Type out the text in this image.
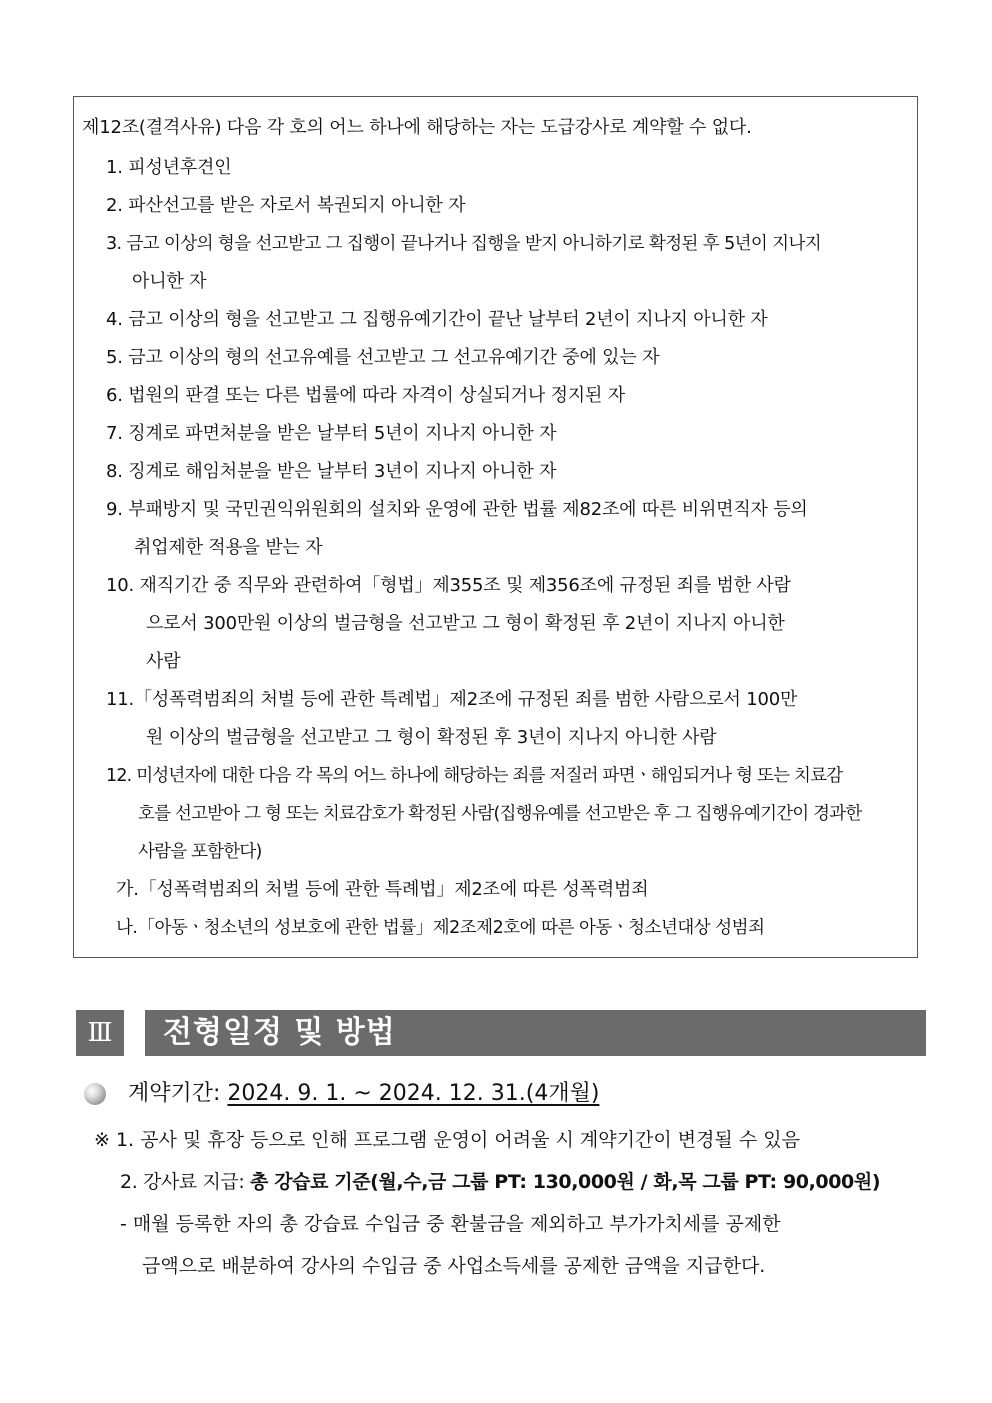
제12조(결격사유) 다음 각 호의 어느 하나에 해당하는 자는 도급강사로 계약할 수 없다.
1. 피성년후견인
2. 파산선고를 받은 자로서 복권되지 아니한 자
3. 금고 이상의 형을 선고받고 그 집행이 끝나거나 집행을 받지 아니하기로 확정된 후 5년이 지나지
아니한 자
4. 금고 이상의 형을 선고받고 그 집행유예기간이 끝난 날부터 2년이 지나지 아니한 자
5. 금고 이상의 형의 선고유예를 선고받고 그 선고유예기간 중에 있는 자
6. 법원의 판결 또는 다른 법률에 따라 자격이 상실되거나 정지된 자
7. 징계로 파면처분을 받은 날부터 5년이 지나지 아니한 자
8. 징계로 해임처분을 받은 날부터 3년이 지나지 아니한 자
9. 부패방지 및 국민권익위원회의 설치와 운영에 관한 법률 제82조에 따른 비위면직자 등의
취업제한 적용을 받는 자
10. 재직기간 중 직무와 관련하여「형법」제355조 및 제356조에 규정된 죄를 범한 사람
으로서 300만원 이상의 벌금형을 선고받고 그 형이 확정된 후 2년이 지나지 아니한
사람
11.「성폭력범죄의 처벌 등에 관한 특례법」제2조에 규정된 죄를 범한 사람으로서 100만
원 이상의 벌금형을 선고받고 그 형이 확정된 후 3년이 지나지 아니한 사람
12. 미성년자에 대한 다음 각 목의 어느 하나에 해당하는 죄를 저질러 파면ㆍ해임되거나 형 또는 치료감
호를 선고받아 그 형 또는 치료감호가 확정된 사람(집행유예를 선고받은 후 그 집행유예기간이 경과한
사람을 포함한다)
가.「성폭력범죄의 처벌 등에 관한 특례법」제2조에 따른 성폭력범죄
나.「아동ㆍ청소년의 성보호에 관한 법률」제2조제2호에 따른 아동ㆍ청소년대상 성범죄
Ⅲ	전형일정 및 방법
계약기간: 2024. 9. 1. ~ 2024. 12. 31.(4개월)
※ 1. 공사 및 휴장 등으로 인해 프로그램 운영이 어려울 시 계약기간이 변경될 수 있음
2. 강사료 지급: 총 강습료 기준(월,수,금 그룹 PT: 130,000원 / 화,목 그룹 PT: 90,000원)
- 매월 등록한 자의 총 강습료 수입금 중 환불금을 제외하고 부가가치세를 공제한
금액으로 배분하여 강사의 수입금 중 사업소득세를 공제한 금액을 지급한다.
